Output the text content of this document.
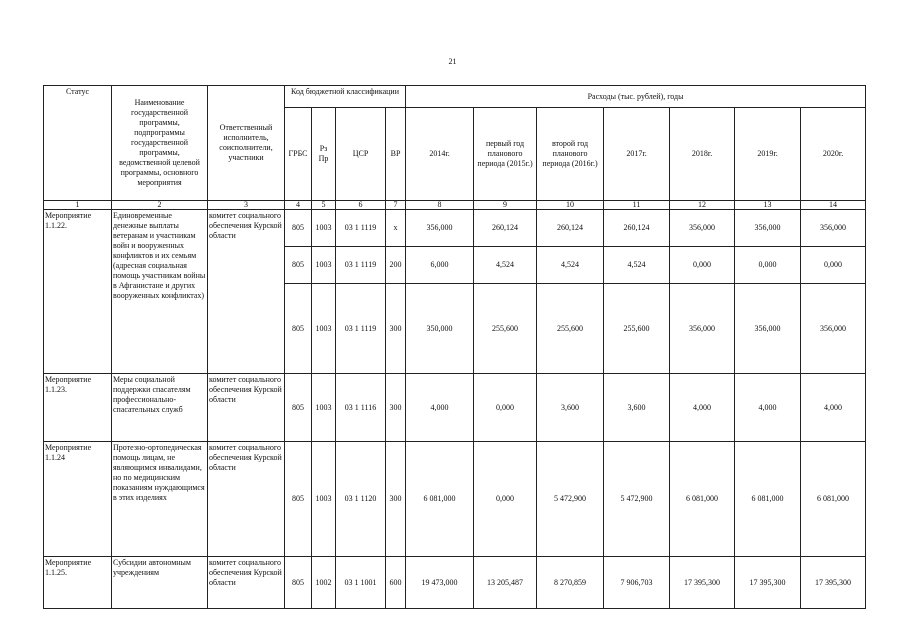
21
Статус	Наименование государственной программы, подпрограммы государственной программы, ведомственной целевой программы, основного мероприятия	Ответственный исполнитель, соисполнители, участники	Код бюджетной классификации				Расходы (тыс. рублей), годы						
			ГРБС	Рз Пр	ЦСР	ВР	2014г.	первый год планового периода (2015г.)	второй год планового периода (2016г.)	2017г.	2018г.	2019г.	2020г.
1	2	3	4	5	6	7	8	9	10	11	12	13	14
Мероприятие 1.1.22.	Единовременные денежные выплаты ветеранам и участникам войн и вооруженных конфликтов и их семьям (адресная социальная помощь участникам войны в Афганистане и других вооруженных конфликтах)	комитет социального обеспечения Курской области	805	1003	03 1 1119	х	356,000	260,124	260,124	260,124	356,000	356,000	356,000
			805	1003	03 1 1119	200	6,000	4,524	4,524	4,524	0,000	0,000	0,000
			805	1003	03 1 1119	300	350,000	255,600	255,600	255,600	356,000	356,000	356,000
Мероприятие 1.1.23.	Меры социальной поддержки спасателям профессионально-спасательных служб	комитет социального обеспечения Курской области	805	1003	03 1 1116	300	4,000	0,000	3,600	3,600	4,000	4,000	4,000
Мероприятие 1.1.24	Протезно-ортопедическая помощь лицам, не являющимся инвалидами, но по медицинским показаниям нуждающимся в этих изделиях	комитет социального обеспечения Курской области	805	1003	03 1 1120	300	6 081,000	0,000	5 472,900	5 472,900	6 081,000	6 081,000	6 081,000
Мероприятие 1.1.25.	Субсидии автономным учреждениям	комитет социального обеспечения Курской области	805	1002	03 1 1001	600	19 473,000	13 205,487	8 270,859	7 906,703	17 395,300	17 395,300	17 395,300
